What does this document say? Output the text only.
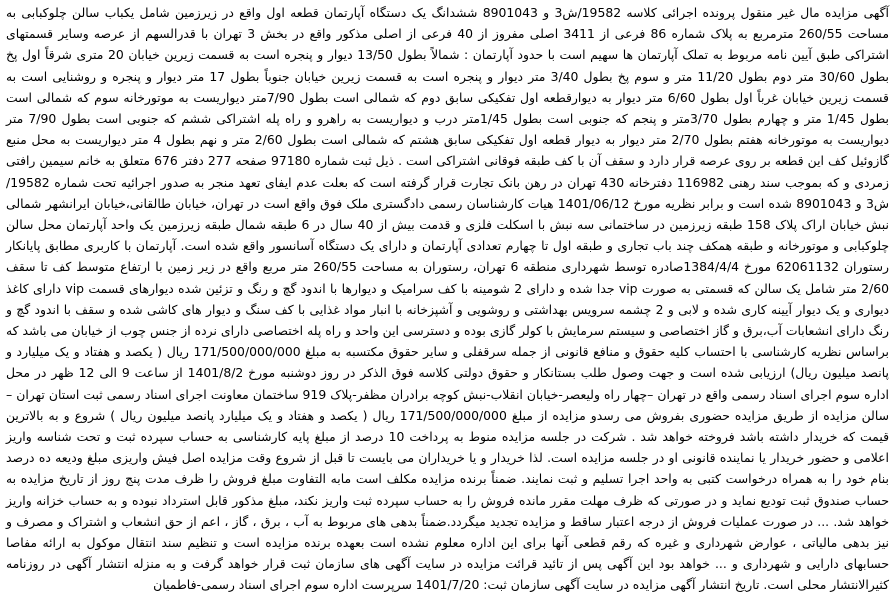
آگهی مزایده مال غیر منقول پرونده اجرائی کلاسه 19582/ش3 و 8901043 ششدانگ یک دستگاه آپارتمان قطعه اول واقع در زیرزمین شامل یکباب سالن چلوکبابی به مساحت 260/55 مترمربع به پلاک شماره 86 فرعی از 3411 اصلی مفروز از 40 فرعی از اصلی مذکور واقع در بخش 3 تهران با قدرالسهم از عرصه وسایر قسمتهای اشتراکی طبق آیین نامه مربوط به تملک آپارتمان ها سهیم است با حدود آپارتمان : شمالاً بطول 13/50 دیوار و پنجره است به قسمت زیرین خیابان 20 متری شرقاً اول پخ بطول 30/60 متر دوم بطول 11/20 متر و سوم پخ بطول 3/40 متر دیوار و پنجره است به قسمت زیرین خیابان جنوباً بطول 17 متر دیوار و پنجره و روشنایی است به قسمت زیرین خیابان غرباً اول بطول 6/60 متر دیوار به دیوارقطعه اول تفکیکی سابق دوم که شمالی است بطول 7/90متر دیواریست به موتورخانه سوم که شمالی است بطول 1/45 متر و چهارم بطول 3/70متر و پنجم که جنوبی است بطول 1/45متر درب و دیواریست به راهرو و راه پله اشتراکی ششم که جنوبی است بطول 7/90 متر دیواریست به موتورخانه هفتم بطول 2/70 متر دیوار به دیوار قطعه اول تفکیکی سابق هشتم که شمالی است بطول 2/60 متر و نهم بطول 4 متر دیواریست به محل منبع گازوئیل کف این قطعه بر روی عرصه قرار دارد و سقف آن با کف طبقه فوقانی اشتراکی است . ذیل ثبت شماره 97180 صفحه 277 دفتر 676 متعلق به خانم سیمین رافتی زمردی و که بموجب سند رهنی 116982 دفترخانه 430 تهران در رهن بانک تجارت قرار گرفته است که بعلت عدم ایفای تعهد منجر به صدور اجرائیه تحت شماره 19582/ش3 و 8901043 شده است و برابر نظریه مورخ 1401/06/12 هیات کارشناسان رسمی دادگستری ملک فوق واقع است در تهران، خیابان طالقانی،خیابان ایرانشهر شمالی نبش خیابان اراک پلاک 158 طبقه زیرزمین در ساختمانی سه نبش با اسکلت فلزی و قدمت بیش از 40 سال در 6 طبقه شمال طبقه زیرزمین یک واحد آپارتمان محل سالن چلوکبابی و موتورخانه و طبقه همکف چند باب تجاری و طبقه اول تا چهارم تعدادی آپارتمان و دارای یک دستگاه آسانسور واقع شده است. آپارتمان با کاربری مطابق پایانکار رستوران 62061132 مورخ 1384/4/4صادره توسط شهرداری منطقه 6 تهران، رستوران به مساحت 260/55 متر مربع واقع در زیر زمین با ارتفاع متوسط کف تا سقف 2/60 متر شامل یک سالن که قسمتی به صورت vip جدا شده و دارای 2 شومینه با کف سرامیک و دیوارها با اندود گچ و رنگ و تزئین شده دیوارهای قسمت vip دارای کاغذ دیواری و یک دیوار آیینه کاری شده و لابی و 2 چشمه سرویس بهداشتی و روشویی و آشپزخانه با انبار مواد غذایی با کف سنگ و دیوار های کاشی شده و سقف با اندود گچ و رنگ دارای انشعابات آب،برق و گاز اختصاصی و سیستم سرمایش با کولر گازی بوده و دسترسی این واحد و راه پله اختصاصی دارای نرده از جنس چوب از خیابان می باشد که براساس نظریه کارشناسی با احتساب کلیه حقوق و منافع قانونی از جمله سرقفلی و سایر حقوق مکتسبه به مبلغ 171/500/000/000 ریال ( یکصد و هفتاد و یک میلیارد و پانصد میلیون ریال) ارزیابی شده است و جهت وصول طلب بستانکار و حقوق دولتی کلاسه فوق الذکر در روز دوشنبه مورخ 1401/8/2 از ساعت 9 الی 12 ظهر در محل اداره سوم اجرای اسناد رسمی واقع در تهران –چهار راه ولیعصر-خیابان انقلاب-نبش کوچه برادران مظفر-پلاک 919 ساختمان معاونت اجرای اسناد رسمی ثبت استان تهران – سالن مزایده از طریق مزایده حضوری بفروش می رسدو مزایده از مبلغ 171/500/000/000 ریال ( یکصد و هفتاد و یک میلیارد پانصد میلیون ریال ) شروع و به بالاترین قیمت که خریدار داشته باشد فروخته خواهد شد . شرکت در جلسه مزایده منوط به پرداخت 10 درصد از مبلغ پایه کارشناسی به حساب سپرده ثبت و تحت شناسه واریز اعلامی و حضور خریدار یا نماینده قانونی او در جلسه مزایده است. لذا خریدار و یا خریداران می بایست تا قبل از شروع وقت مزایده اصل فیش واریزی مبلغ ودیعه ده درصد بنام خود را به همراه درخواست کتبی به واحد اجرا تسلیم و ثبت نمایند. ضمناً برنده مزایده مکلف است مابه التفاوت مبلغ فروش را ظرف مدت پنج روز از تاریخ مزایده به حساب صندوق ثبت تودیع نماید و در صورتی که ظرف مهلت مقرر مانده فروش را به حساب سپرده ثبت واریز نکند، مبلغ مذکور قابل استرداد نبوده و به حساب خزانه واریز خواهد شد. ... در صورت عملیات فروش از درجه اعتبار ساقط و مزایده تجدید میگردد.ضمناً بدهی های مربوط به آب ، برق ، گاز ، اعم از حق انشعاب و اشتراک و مصرف و نیز بدهی مالیاتی ، عوارض شهرداری و غیره که رقم قطعی آنها برای این اداره معلوم نشده است بعهده برنده مزایده است و تنظیم سند انتقال موکول به ارائه مفاصا حسابهای دارایی و شهرداری و ... خواهد بود این آگهی پس از تائید قرائت مزایده در سایت آگهی های سازمان ثبت قرار خواهد گرفت و به منزله انتشار آگهی در روزنامه کثیرالانتشار محلی است. تاریخ انتشار آگهی مزایده در سایت آگهی سازمان ثبت: 1401/7/20 سرپرست اداره سوم اجرای اسناد رسمی-فاطمیان
